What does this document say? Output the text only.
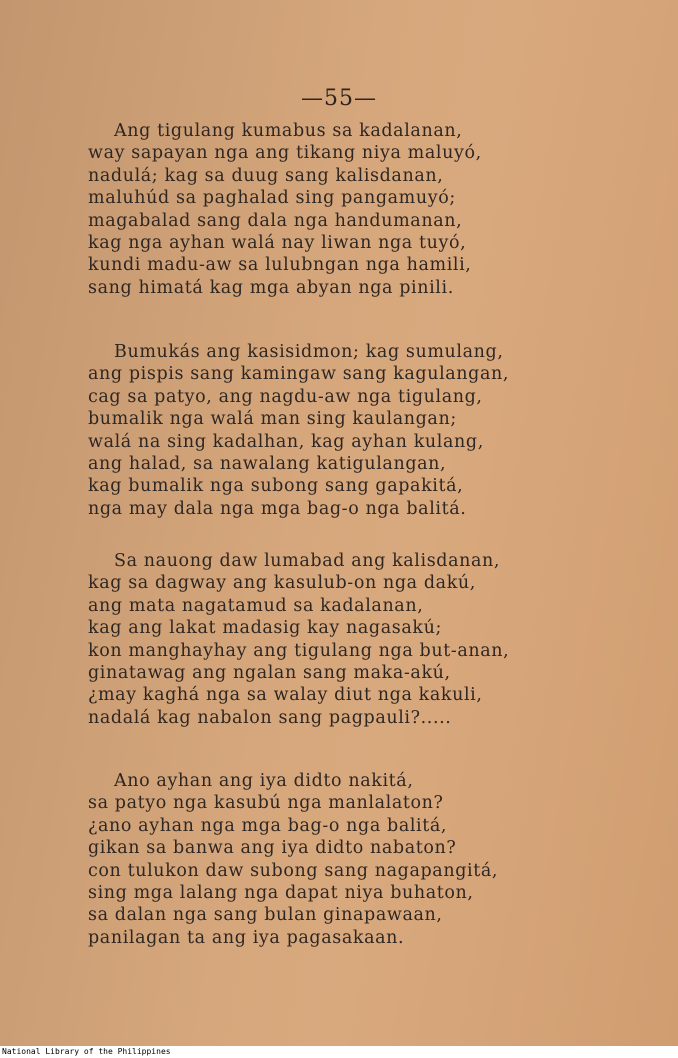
—55—
Ang tigulang kumabus sa kadalanan,
way sapayan nga ang tikang niya maluyó,
nadulá; kag sa duug sang kalisdanan,
maluhúd sa paghalad sing pangamuyó;
magabalad sang dala nga handumanan,
kag nga ayhan walá nay liwan nga tuyó,
kundi madu-aw sa lulubngan nga hamili,
sang himatá kag mga abyan nga pinili.
Bumukás ang kasisidmon; kag sumulang,
ang pispis sang kamingaw sang kagulangan,
cag sa patyo, ang nagdu-aw nga tigulang,
bumalik nga walá man sing kaulangan;
walá na sing kadalhan, kag ayhan kulang,
ang halad, sa nawalang katigulangan,
kag bumalik nga subong sang gapakitá,
nga may dala nga mga bag-o nga balitá.
Sa nauong daw lumabad ang kalisdanan,
kag sa dagway ang kasulub-on nga dakú,
ang mata nagatamud sa kadalanan,
kag ang lakat madasig kay nagasakú;
kon manghayhay ang tigulang nga but-anan,
ginatawag ang ngalan sang maka-akú,
¿may kaghá nga sa walay diut nga kakuli,
nadalá kag nabalon sang pagpauli?.....
Ano ayhan ang iya didto nakitá,
sa patyo nga kasubú nga manlalaton?
¿ano ayhan nga mga bag-o nga balitá,
gikan sa banwa ang iya didto nabaton?
con tulukon daw subong sang nagapangitá,
sing mga lalang nga dapat niya buhaton,
sa dalan nga sang bulan ginapawaan,
panilagan ta ang iya pagasakaan.
National Library of the Philippines
